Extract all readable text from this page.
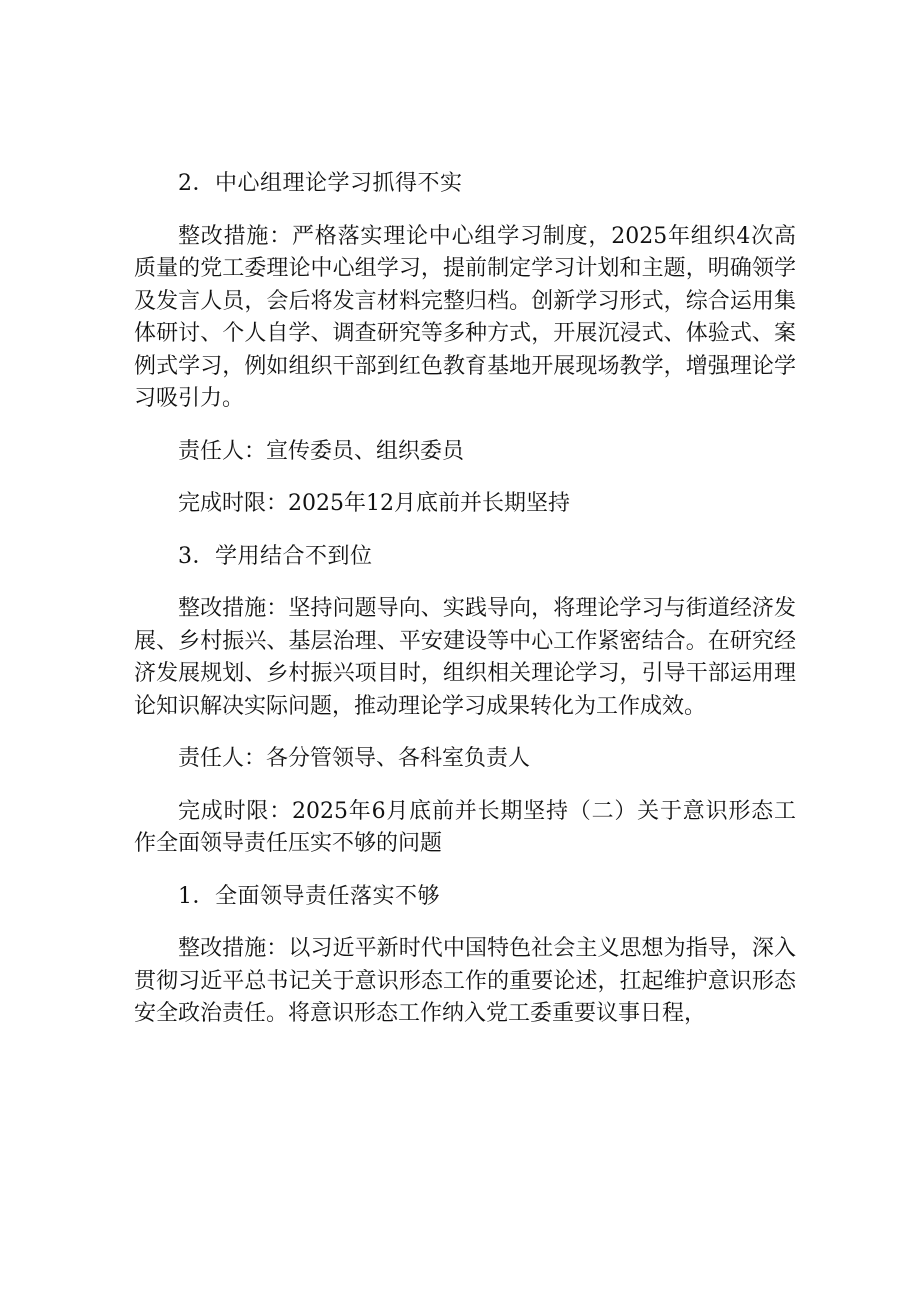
2．中心组理论学习抓得不实

整改措施：严格落实理论中心组学习制度，2025年组织4次高质量的党工委理论中心组学习，提前制定学习计划和主题，明确领学及发言人员，会后将发言材料完整归档。创新学习形式，综合运用集体研讨、个人自学、调查研究等多种方式，开展沉浸式、体验式、案例式学习，例如组织干部到红色教育基地开展现场教学，增强理论学习吸引力。

责任人：宣传委员、组织委员

完成时限：2025年12月底前并长期坚持

3．学用结合不到位

整改措施：坚持问题导向、实践导向，将理论学习与街道经济发展、乡村振兴、基层治理、平安建设等中心工作紧密结合。在研究经济发展规划、乡村振兴项目时，组织相关理论学习，引导干部运用理论知识解决实际问题，推动理论学习成果转化为工作成效。

责任人：各分管领导、各科室负责人

完成时限：2025年6月底前并长期坚持（二）关于意识形态工作全面领导责任压实不够的问题

1．全面领导责任落实不够

整改措施：以习近平新时代中国特色社会主义思想为指导，深入贯彻习近平总书记关于意识形态工作的重要论述，扛起维护意识形态安全政治责任。将意识形态工作纳入党工委重要议事日程，
